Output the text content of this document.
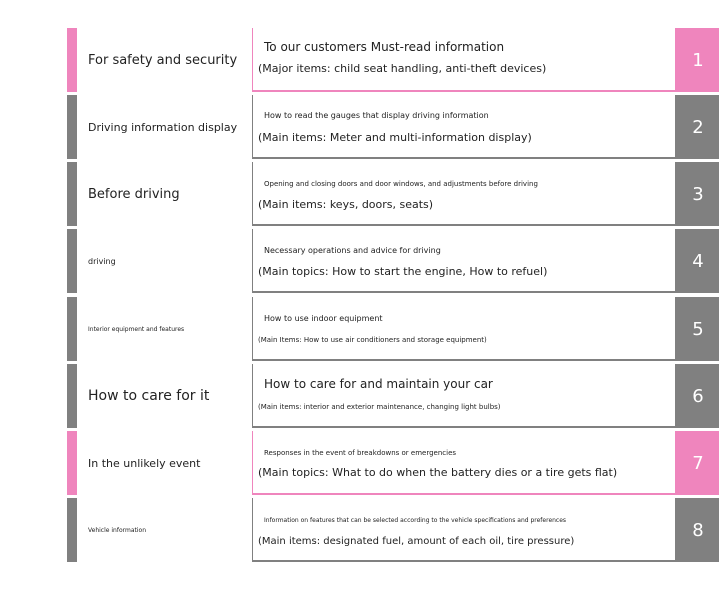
For safety and security
To our customers Must-read information
(Major items: child seat handling, anti-theft devices)	1
Driving information display
How to read the gauges that display driving information
(Main items: Meter and multi-information display)	2
Before driving
Opening and closing doors and door windows, and adjustments before driving
(Main items: keys, doors, seats)	3
driving
Necessary operations and advice for driving
(Main topics: How to start the engine, How to refuel)	4
Interior equipment and features
How to use indoor equipment
(Main Items: How to use air conditioners and storage equipment)
5
How to care for it
How to care for and maintain your car
(Main items: interior and exterior maintenance, changing light bulbs)
6
In the unlikely event
Responses in the event of breakdowns or emergencies
(Main topics: What to do when the battery dies or a tire gets flat)	7
Vehicle information
Information on features that can be selected according to the vehicle specifications and preferences
(Main items: designated fuel, amount of each oil, tire pressure)
8
